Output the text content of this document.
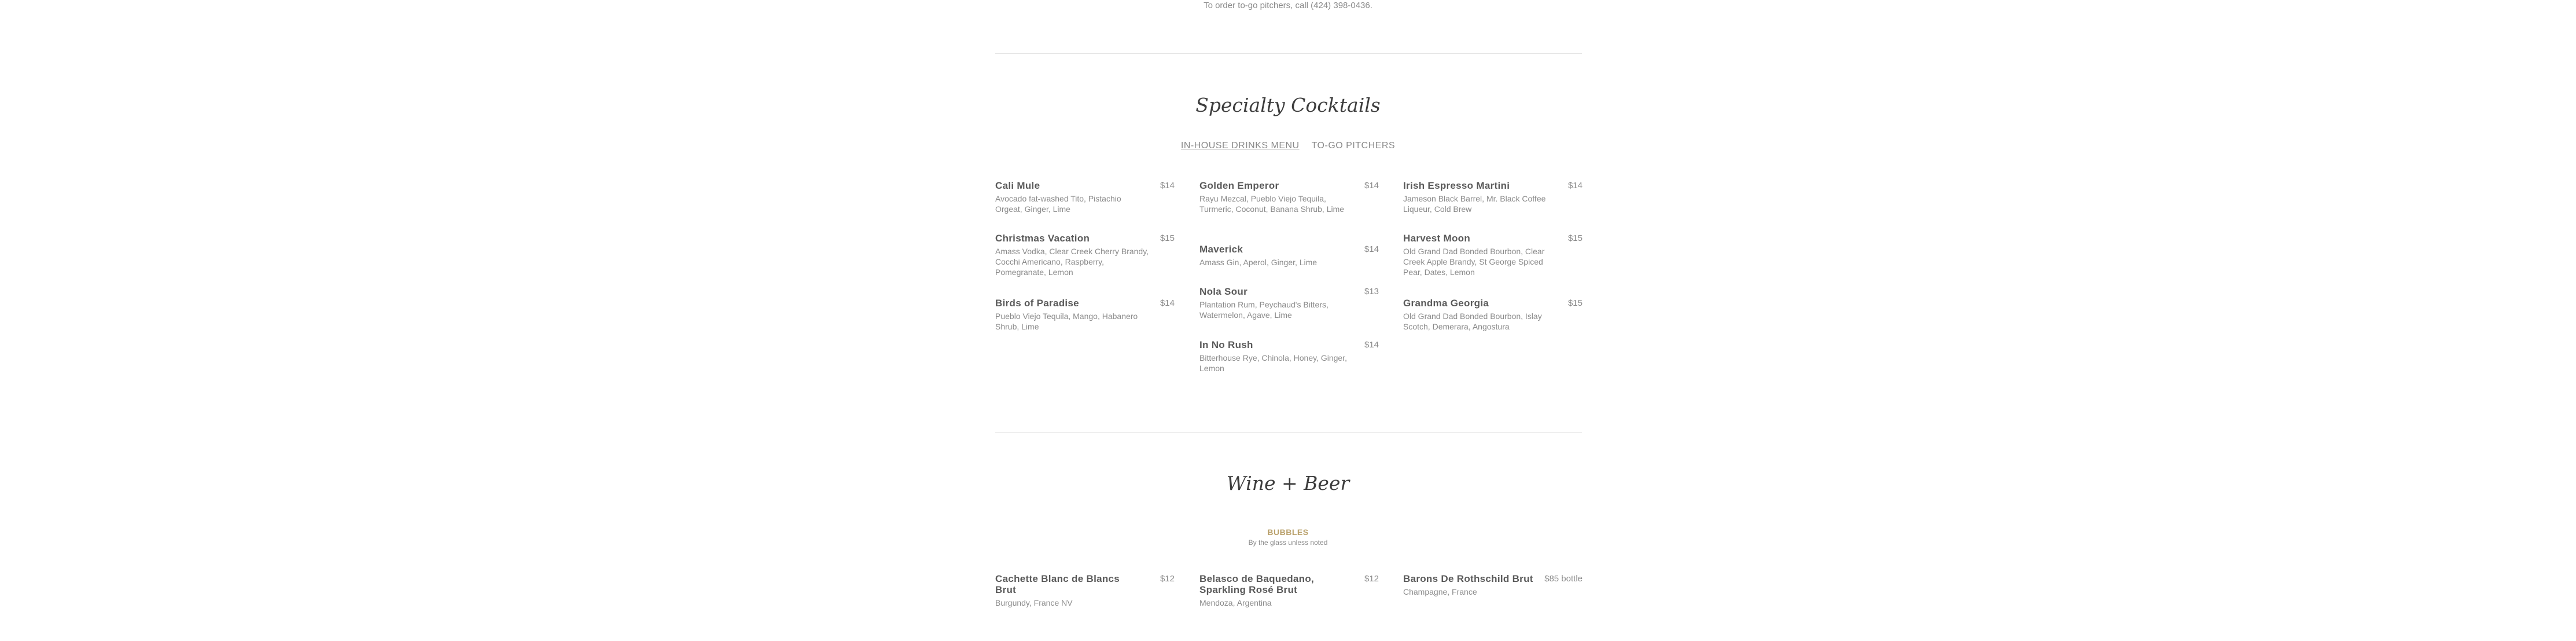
To order to-go pitchers, call (424) 398-0436.
Specialty Cocktails
IN-HOUSE DRINKS MENU TO-GO PITCHERS
Cali Mule	$14
Avocado fat-washed Tito, Pistachio Orgeat, Ginger, Lime
Christmas Vacation	$15
Amass Vodka, Clear Creek Cherry Brandy, Cocchi Americano, Raspberry, Pomegranate, Lemon
Birds of Paradise	$14
Pueblo Viejo Tequila, Mango, Habanero Shrub, Lime
Golden Emperor	$14
Rayu Mezcal, Pueblo Viejo Tequila, Turmeric, Coconut, Banana Shrub, Lime
Maverick	$14
Amass Gin, Aperol, Ginger, Lime
Nola Sour	$13
Plantation Rum, Peychaud's Bitters, Watermelon, Agave, Lime
In No Rush	$14
Bitterhouse Rye, Chinola, Honey, Ginger, Lemon
Irish Espresso Martini	$14
Jameson Black Barrel, Mr. Black Coffee Liqueur, Cold Brew
Harvest Moon	$15
Old Grand Dad Bonded Bourbon, Clear Creek Apple Brandy, St George Spiced Pear, Dates, Lemon
Grandma Georgia	$15
Old Grand Dad Bonded Bourbon, Islay Scotch, Demerara, Angostura
Wine + Beer
BUBBLES
By the glass unless noted
Cachette Blanc de Blancs Brut
$12
Burgundy, France NV
Belasco de Baquedano, Sparkling Rosé Brut
$12
Mendoza, Argentina
Barons De Rothschild Brut $85 bottle
Champagne, France
